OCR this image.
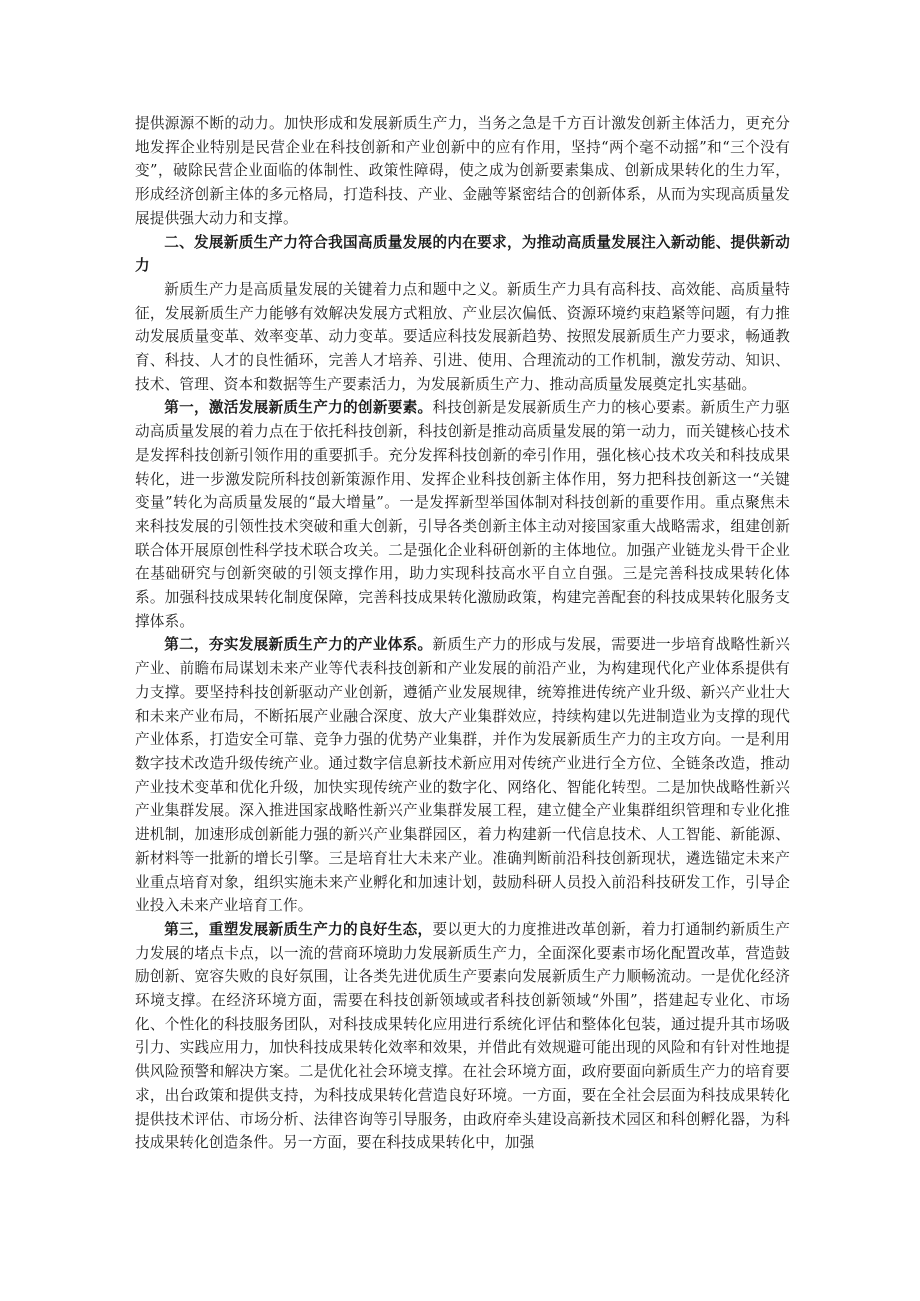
提供源源不断的动力。加快形成和发展新质生产力，当务之急是千方百计激发创新主体活力，更充分地发挥企业特别是民营企业在科技创新和产业创新中的应有作用，坚持“两个毫不动摇”和“三个没有变”，破除民营企业面临的体制性、政策性障碍，使之成为创新要素集成、创新成果转化的生力军，形成经济创新主体的多元格局，打造科技、产业、金融等紧密结合的创新体系，从而为实现高质量发展提供强大动力和支撑。

二、发展新质生产力符合我国高质量发展的内在要求，为推动高质量发展注入新动能、提供新动力

新质生产力是高质量发展的关键着力点和题中之义。新质生产力具有高科技、高效能、高质量特征，发展新质生产力能够有效解决发展方式粗放、产业层次偏低、资源环境约束趋紧等问题，有力推动发展质量变革、效率变革、动力变革。要适应科技发展新趋势、按照发展新质生产力要求，畅通教育、科技、人才的良性循环，完善人才培养、引进、使用、合理流动的工作机制，激发劳动、知识、技术、管理、资本和数据等生产要素活力，为发展新质生产力、推动高质量发展奠定扎实基础。

第一，激活发展新质生产力的创新要素。科技创新是发展新质生产力的核心要素。新质生产力驱动高质量发展的着力点在于依托科技创新，科技创新是推动高质量发展的第一动力，而关键核心技术是发挥科技创新引领作用的重要抓手。充分发挥科技创新的牵引作用，强化核心技术攻关和科技成果转化，进一步激发院所科技创新策源作用、发挥企业科技创新主体作用，努力把科技创新这一“关键变量”转化为高质量发展的“最大增量”。一是发挥新型举国体制对科技创新的重要作用。重点聚焦未来科技发展的引领性技术突破和重大创新，引导各类创新主体主动对接国家重大战略需求，组建创新联合体开展原创性科学技术联合攻关。二是强化企业科研创新的主体地位。加强产业链龙头骨干企业在基础研究与创新突破的引领支撑作用，助力实现科技高水平自立自强。三是完善科技成果转化体系。加强科技成果转化制度保障，完善科技成果转化激励政策，构建完善配套的科技成果转化服务支撑体系。

第二，夯实发展新质生产力的产业体系。新质生产力的形成与发展，需要进一步培育战略性新兴产业、前瞻布局谋划未来产业等代表科技创新和产业发展的前沿产业，为构建现代化产业体系提供有力支撑。要坚持科技创新驱动产业创新，遵循产业发展规律，统筹推进传统产业升级、新兴产业壮大和未来产业布局，不断拓展产业融合深度、放大产业集群效应，持续构建以先进制造业为支撑的现代产业体系，打造安全可靠、竞争力强的优势产业集群，并作为发展新质生产力的主攻方向。一是利用数字技术改造升级传统产业。通过数字信息新技术新应用对传统产业进行全方位、全链条改造，推动产业技术变革和优化升级，加快实现传统产业的数字化、网络化、智能化转型。二是加快战略性新兴产业集群发展。深入推进国家战略性新兴产业集群发展工程，建立健全产业集群组织管理和专业化推进机制，加速形成创新能力强的新兴产业集群园区，着力构建新一代信息技术、人工智能、新能源、新材料等一批新的增长引擎。三是培育壮大未来产业。准确判断前沿科技创新现状，遴选锚定未来产业重点培育对象，组织实施未来产业孵化和加速计划，鼓励科研人员投入前沿科技研发工作，引导企业投入未来产业培育工作。

第三，重塑发展新质生产力的良好生态，要以更大的力度推进改革创新，着力打通制约新质生产力发展的堵点卡点，以一流的营商环境助力发展新质生产力，全面深化要素市场化配置改革，营造鼓励创新、宽容失败的良好氛围，让各类先进优质生产要素向发展新质生产力顺畅流动。一是优化经济环境支撑。在经济环境方面，需要在科技创新领域或者科技创新领域“外围”，搭建起专业化、市场化、个性化的科技服务团队，对科技成果转化应用进行系统化评估和整体化包装，通过提升其市场吸引力、实践应用力，加快科技成果转化效率和效果，并借此有效规避可能出现的风险和有针对性地提供风险预警和解决方案。二是优化社会环境支撑。在社会环境方面，政府要面向新质生产力的培育要求，出台政策和提供支持，为科技成果转化营造良好环境。一方面，要在全社会层面为科技成果转化提供技术评估、市场分析、法律咨询等引导服务，由政府牵头建设高新技术园区和科创孵化器，为科技成果转化创造条件。另一方面，要在科技成果转化中，加强
